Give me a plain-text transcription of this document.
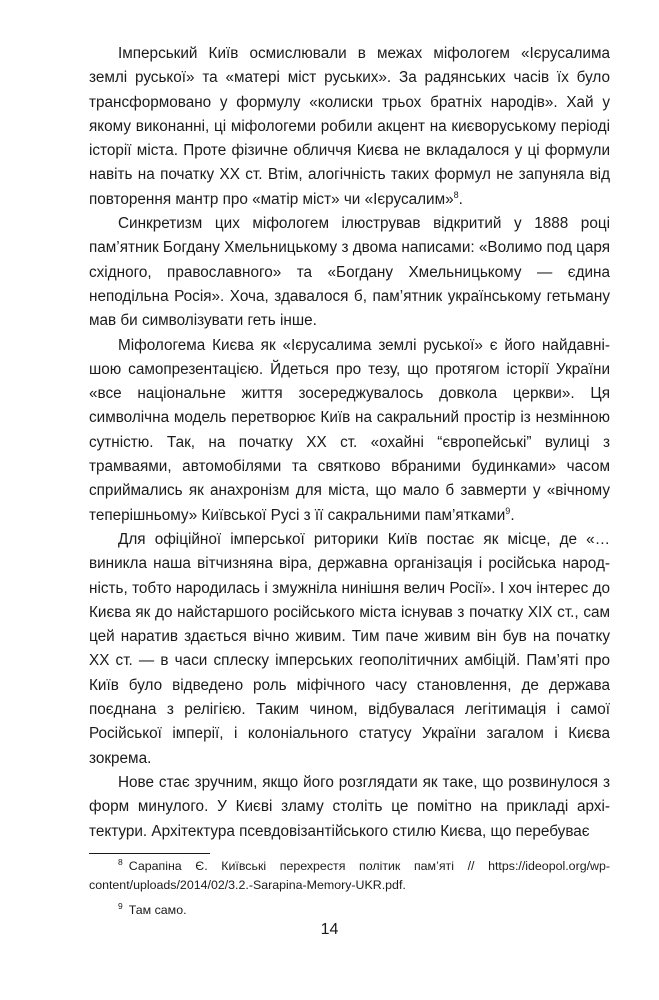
Імперський Київ осмислювали в межах міфологем «Ієрусалима землі руської» та «матері міст руських». За радянських часів їх було трансформовано у формулу «колиски трьох братніх народів». Хай у якому виконанні, ці міфологеми робили акцент на києворуському періоді історії міста. Проте фізичне обличчя Києва не вкладалося у ці формули навіть на початку ХХ ст. Втім, алогічність таких формул не запуняла від повторення мантр про «матір міст» чи «Ієрусалим»$^8$.

Синкретизм цих міфологем ілюстрував відкритий у 1888 році пам’ятник Богдану Хмельницькому з двома написами: «Волимо под царя східного, православного» та «Богдану Хмельницькому — єдина неподільна Росія». Хоча, здавалося б, пам’ятник українському гетьману мав би символізувати геть інше.

Міфологема Києва як «Ієрусалима землі руської» є його найдавнішою самопрезентацією. Йдеться про тезу, що протягом історії України «все національне життя зосереджувалось довкола церкви». Ця символічна модель перетворює Київ на сакральний простір із незмінною сутністю. Так, на початку ХХ ст. «охайні “європейські” вулиці з трамваями, автомобілями та святково вбраними будинками» часом сприймались як анахронізм для міста, що мало б завмерти у «вічному теперішньому» Київської Русі з її сакральними пам’ятками$^9$.

Для офіційної імперської риторики Київ постає як місце, де «…виникла наша вітчизняна віра, державна організація і російська народність, тобто народилась і змужніла нинішня велич Росії». І хоч інтерес до Києва як до найстаршого російського міста існував з початку ХІХ ст., сам цей наратив здається вічно живим. Тим паче живим він був на початку ХХ ст. — в часи сплеску імперських геополітичних амбіцій. Пам’яті про Київ було відведено роль міфічного часу становлення, де держава поєднана з релігією. Таким чином, відбувалася легітимація і самої Російської імперії, і колоніального статусу України загалом і Києва зокрема.

Нове стає зручним, якщо його розглядати як таке, що розвинулося з форм минулого. У Києві зламу століть це помітно на прикладі архітектури. Архітектура псевдовізантійського стилю Києва, що перебуває

$^8$ Сарапіна Є. Київські перехрестя політик пам’яті // https://ideopol.org/wp-content/uploads/2014/02/3.2.-Sarapina-Memory-UKR.pdf.

$^9$ Там само.

14
